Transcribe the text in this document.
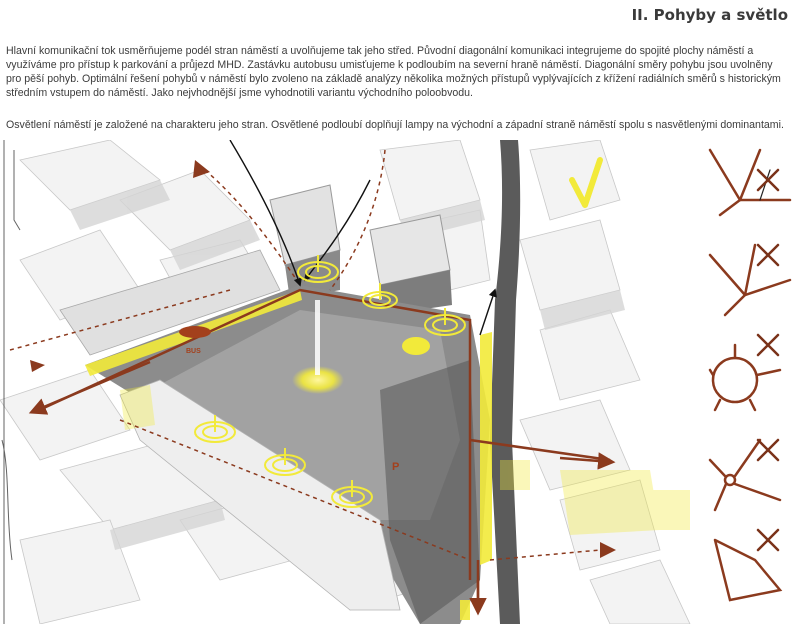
II. Pohyby a světlo

Hlavní komunikační tok usměrňujeme podél stran náměstí a uvolňujeme tak jeho střed. Původní diagonální komunikaci integrujeme do spojité plochy náměstí a využíváme pro přístup k parkování a průjezd MHD. Zastávku autobusu umisťujeme k podloubím na severní hraně náměstí. Diagonální směry pohybu jsou uvolněny pro pěší pohyb. Optimální řešení pohybů v náměstí bylo zvoleno na základě analýzy několika možných přístupů vyplývajících z křížení radiálních směrů s historickým středním vstupem do náměstí. Jako nejvhodnější jsme vyhodnotili variantu východního poloobvodu.

Osvětlení náměstí je založené na charakteru jeho stran. Osvětlené podloubí doplňují lampy na východní a západní straně náměstí spolu s nasvětlenými dominantami.

BUS
P
